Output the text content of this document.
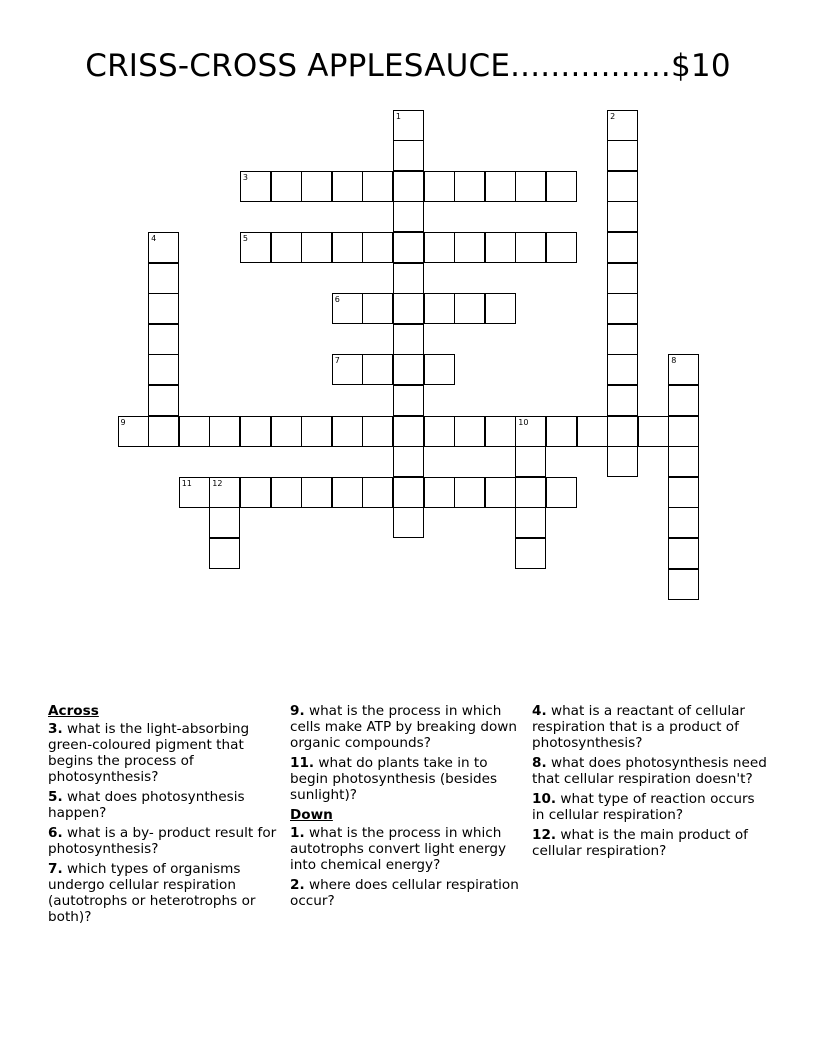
CRISS-CROSS APPLESAUCE................$10
1	2
3
4	5
6
7	8
9	10
11	12
Across
3. what is the light-absorbing green-coloured pigment that begins the process of photosynthesis?
5. what does photosynthesis happen?
6. what is a by- product result for photosynthesis?
7. which types of organisms undergo cellular respiration (autotrophs or heterotrophs or both)?
9. what is the process in which cells make ATP by breaking down organic compounds?
11. what do plants take in to begin photosynthesis (besides sunlight)?
Down
1. what is the process in which autotrophs convert light energy into chemical energy?
2. where does cellular respiration occur?
4. what is a reactant of cellular respiration that is a product of photosynthesis?
8. what does photosynthesis need that cellular respiration doesn't?
10. what type of reaction occurs in cellular respiration?
12. what is the main product of cellular respiration?
